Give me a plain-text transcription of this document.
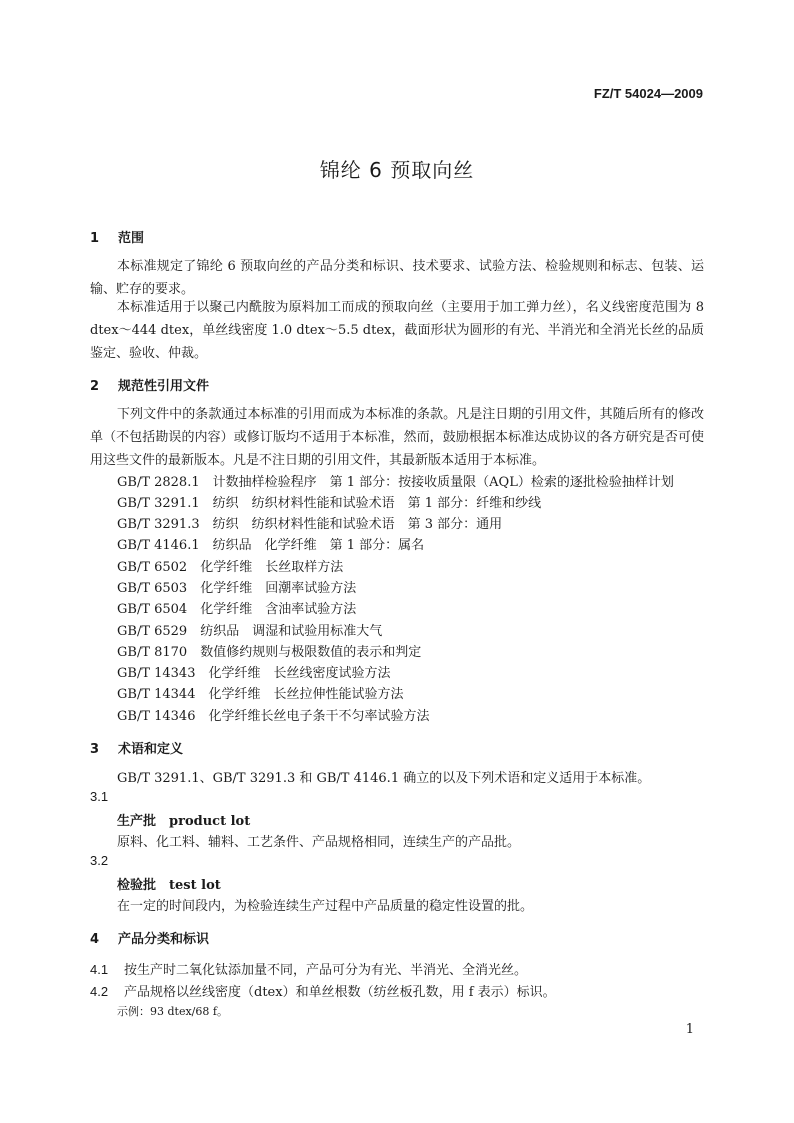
FZ/T 54024—2009
锦纶 6 预取向丝
1 范围
本标准规定了锦纶 6 预取向丝的产品分类和标识、技术要求、试验方法、检验规则和标志、包装、运输、贮存的要求。
本标准适用于以聚己内酰胺为原料加工而成的预取向丝（主要用于加工弹力丝），名义线密度范围为 8 dtex～444 dtex，单丝线密度 1.0 dtex～5.5 dtex，截面形状为圆形的有光、半消光和全消光长丝的品质鉴定、验收、仲裁。
2 规范性引用文件
下列文件中的条款通过本标准的引用而成为本标准的条款。凡是注日期的引用文件，其随后所有的修改单（不包括勘误的内容）或修订版均不适用于本标准，然而，鼓励根据本标准达成协议的各方研究是否可使用这些文件的最新版本。凡是不注日期的引用文件，其最新版本适用于本标准。
GB/T 2828.1　计数抽样检验程序　第 1 部分：按接收质量限（AQL）检索的逐批检验抽样计划
GB/T 3291.1　纺织　纺织材料性能和试验术语　第 1 部分：纤维和纱线
GB/T 3291.3　纺织　纺织材料性能和试验术语　第 3 部分：通用
GB/T 4146.1　纺织品　化学纤维　第 1 部分：属名
GB/T 6502　化学纤维　长丝取样方法
GB/T 6503　化学纤维　回潮率试验方法
GB/T 6504　化学纤维　含油率试验方法
GB/T 6529　纺织品　调湿和试验用标准大气
GB/T 8170　数值修约规则与极限数值的表示和判定
GB/T 14343　化学纤维　长丝线密度试验方法
GB/T 14344　化学纤维　长丝拉伸性能试验方法
GB/T 14346　化学纤维长丝电子条干不匀率试验方法
3 术语和定义
GB/T 3291.1、GB/T 3291.3 和 GB/T 4146.1 确立的以及下列术语和定义适用于本标准。
3.1
生产批　product lot
原料、化工料、辅料、工艺条件、产品规格相同，连续生产的产品批。
3.2
检验批　test lot
在一定的时间段内，为检验连续生产过程中产品质量的稳定性设置的批。
4 产品分类和标识
4.1 按生产时二氧化钛添加量不同，产品可分为有光、半消光、全消光丝。
4.2 产品规格以丝线密度（dtex）和单丝根数（纺丝板孔数，用 f 表示）标识。
示例：93 dtex/68 f。
1
